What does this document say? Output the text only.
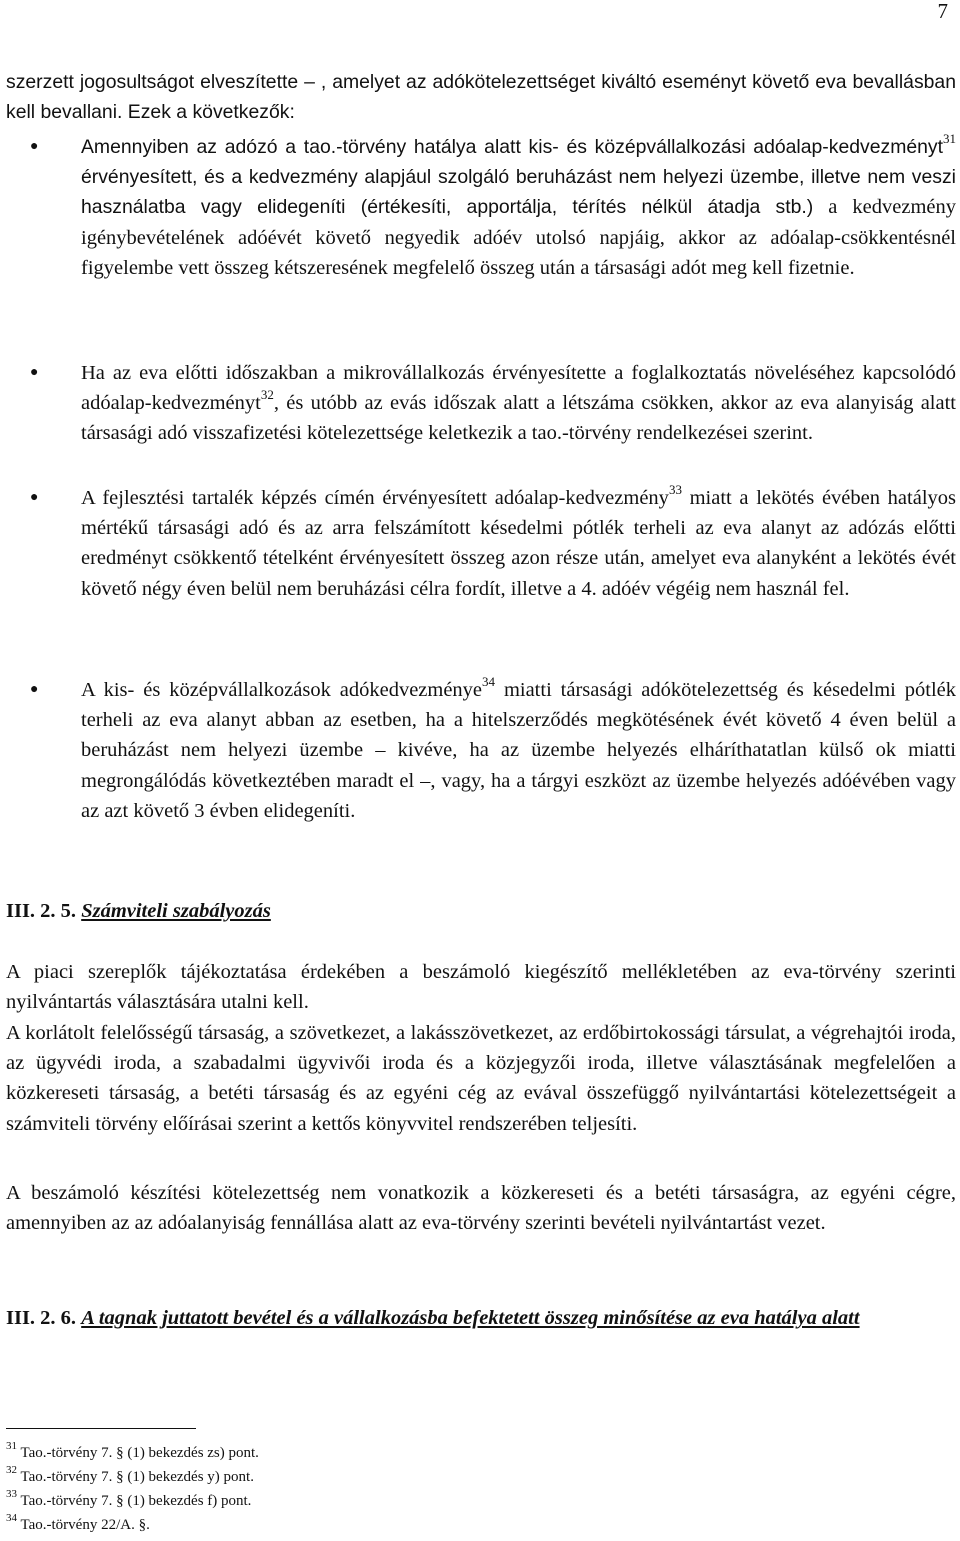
7

szerzett jogosultságot elveszítette – , amelyet az adókötelezettséget kiváltó eseményt követő eva bevallásban kell bevallani. Ezek a következők:

● Amennyiben az adózó a tao.-törvény hatálya alatt kis- és középvállalkozási adóalap-kedvezményt$^{31}$ érvényesített, és a kedvezmény alapjául szolgáló beruházást nem helyezi üzembe, illetve nem veszi használatba vagy elidegeníti (értékesíti, apportálja, térítés nélkül átadja stb.) a kedvezmény igénybevételének adóévét követő negyedik adóév utolsó napjáig, akkor az adóalap-csökkentésnél figyelembe vett összeg kétszeresének megfelelő összeg után a társasági adót meg kell fizetnie.

● Ha az eva előtti időszakban a mikrovállalkozás érvényesítette a foglalkoztatás növeléséhez kapcsolódó adóalap-kedvezményt$^{32}$, és utóbb az evás időszak alatt a létszáma csökken, akkor az eva alanyiság alatt társasági adó visszafizetési kötelezettsége keletkezik a tao.-törvény rendelkezései szerint.

● A fejlesztési tartalék képzés címén érvényesített adóalap-kedvezmény$^{33}$ miatt a lekötés évében hatályos mértékű társasági adó és az arra felszámított késedelmi pótlék terheli az eva alanyt az adózás előtti eredményt csökkentő tételként érvényesített összeg azon része után, amelyet eva alanyként a lekötés évét követő négy éven belül nem beruházási célra fordít, illetve a 4. adóév végéig nem használ fel.

● A kis- és középvállalkozások adókedvezménye$^{34}$ miatti társasági adókötelezettség és késedelmi pótlék terheli az eva alanyt abban az esetben, ha a hitelszerződés megkötésének évét követő 4 éven belül a beruházást nem helyezi üzembe – kivéve, ha az üzembe helyezés elháríthatatlan külső ok miatti megrongálódás következtében maradt el –, vagy, ha a tárgyi eszközt az üzembe helyezés adóévében vagy az azt követő 3 évben elidegeníti.

III. 2. 5. Számviteli szabályozás

A piaci szereplők tájékoztatása érdekében a beszámoló kiegészítő mellékletében az eva-törvény szerinti nyilvántartás választására utalni kell.

A korlátolt felelősségű társaság, a szövetkezet, a lakásszövetkezet, az erdőbirtokossági társulat, a végrehajtói iroda, az ügyvédi iroda, a szabadalmi ügyvivői iroda és a közjegyzői iroda, illetve választásának megfelelően a közkereseti társaság, a betéti társaság és az egyéni cég az evával összefüggő nyilvántartási kötelezettségeit a számviteli törvény előírásai szerint a kettős könyvvitel rendszerében teljesíti.

A beszámoló készítési kötelezettség nem vonatkozik a közkereseti és a betéti társaságra, az egyéni cégre, amennyiben az az adóalanyiság fennállása alatt az eva-törvény szerinti bevételi nyilvántartást vezet.

III. 2. 6. A tagnak juttatott bevétel és a vállalkozásba befektetett összeg minősítése az eva hatálya alatt

$^{31}$ Tao.-törvény 7. § (1) bekezdés zs) pont.
$^{32}$ Tao.-törvény 7. § (1) bekezdés y) pont.
$^{33}$ Tao.-törvény 7. § (1) bekezdés f) pont.
$^{34}$ Tao.-törvény 22/A. §.
